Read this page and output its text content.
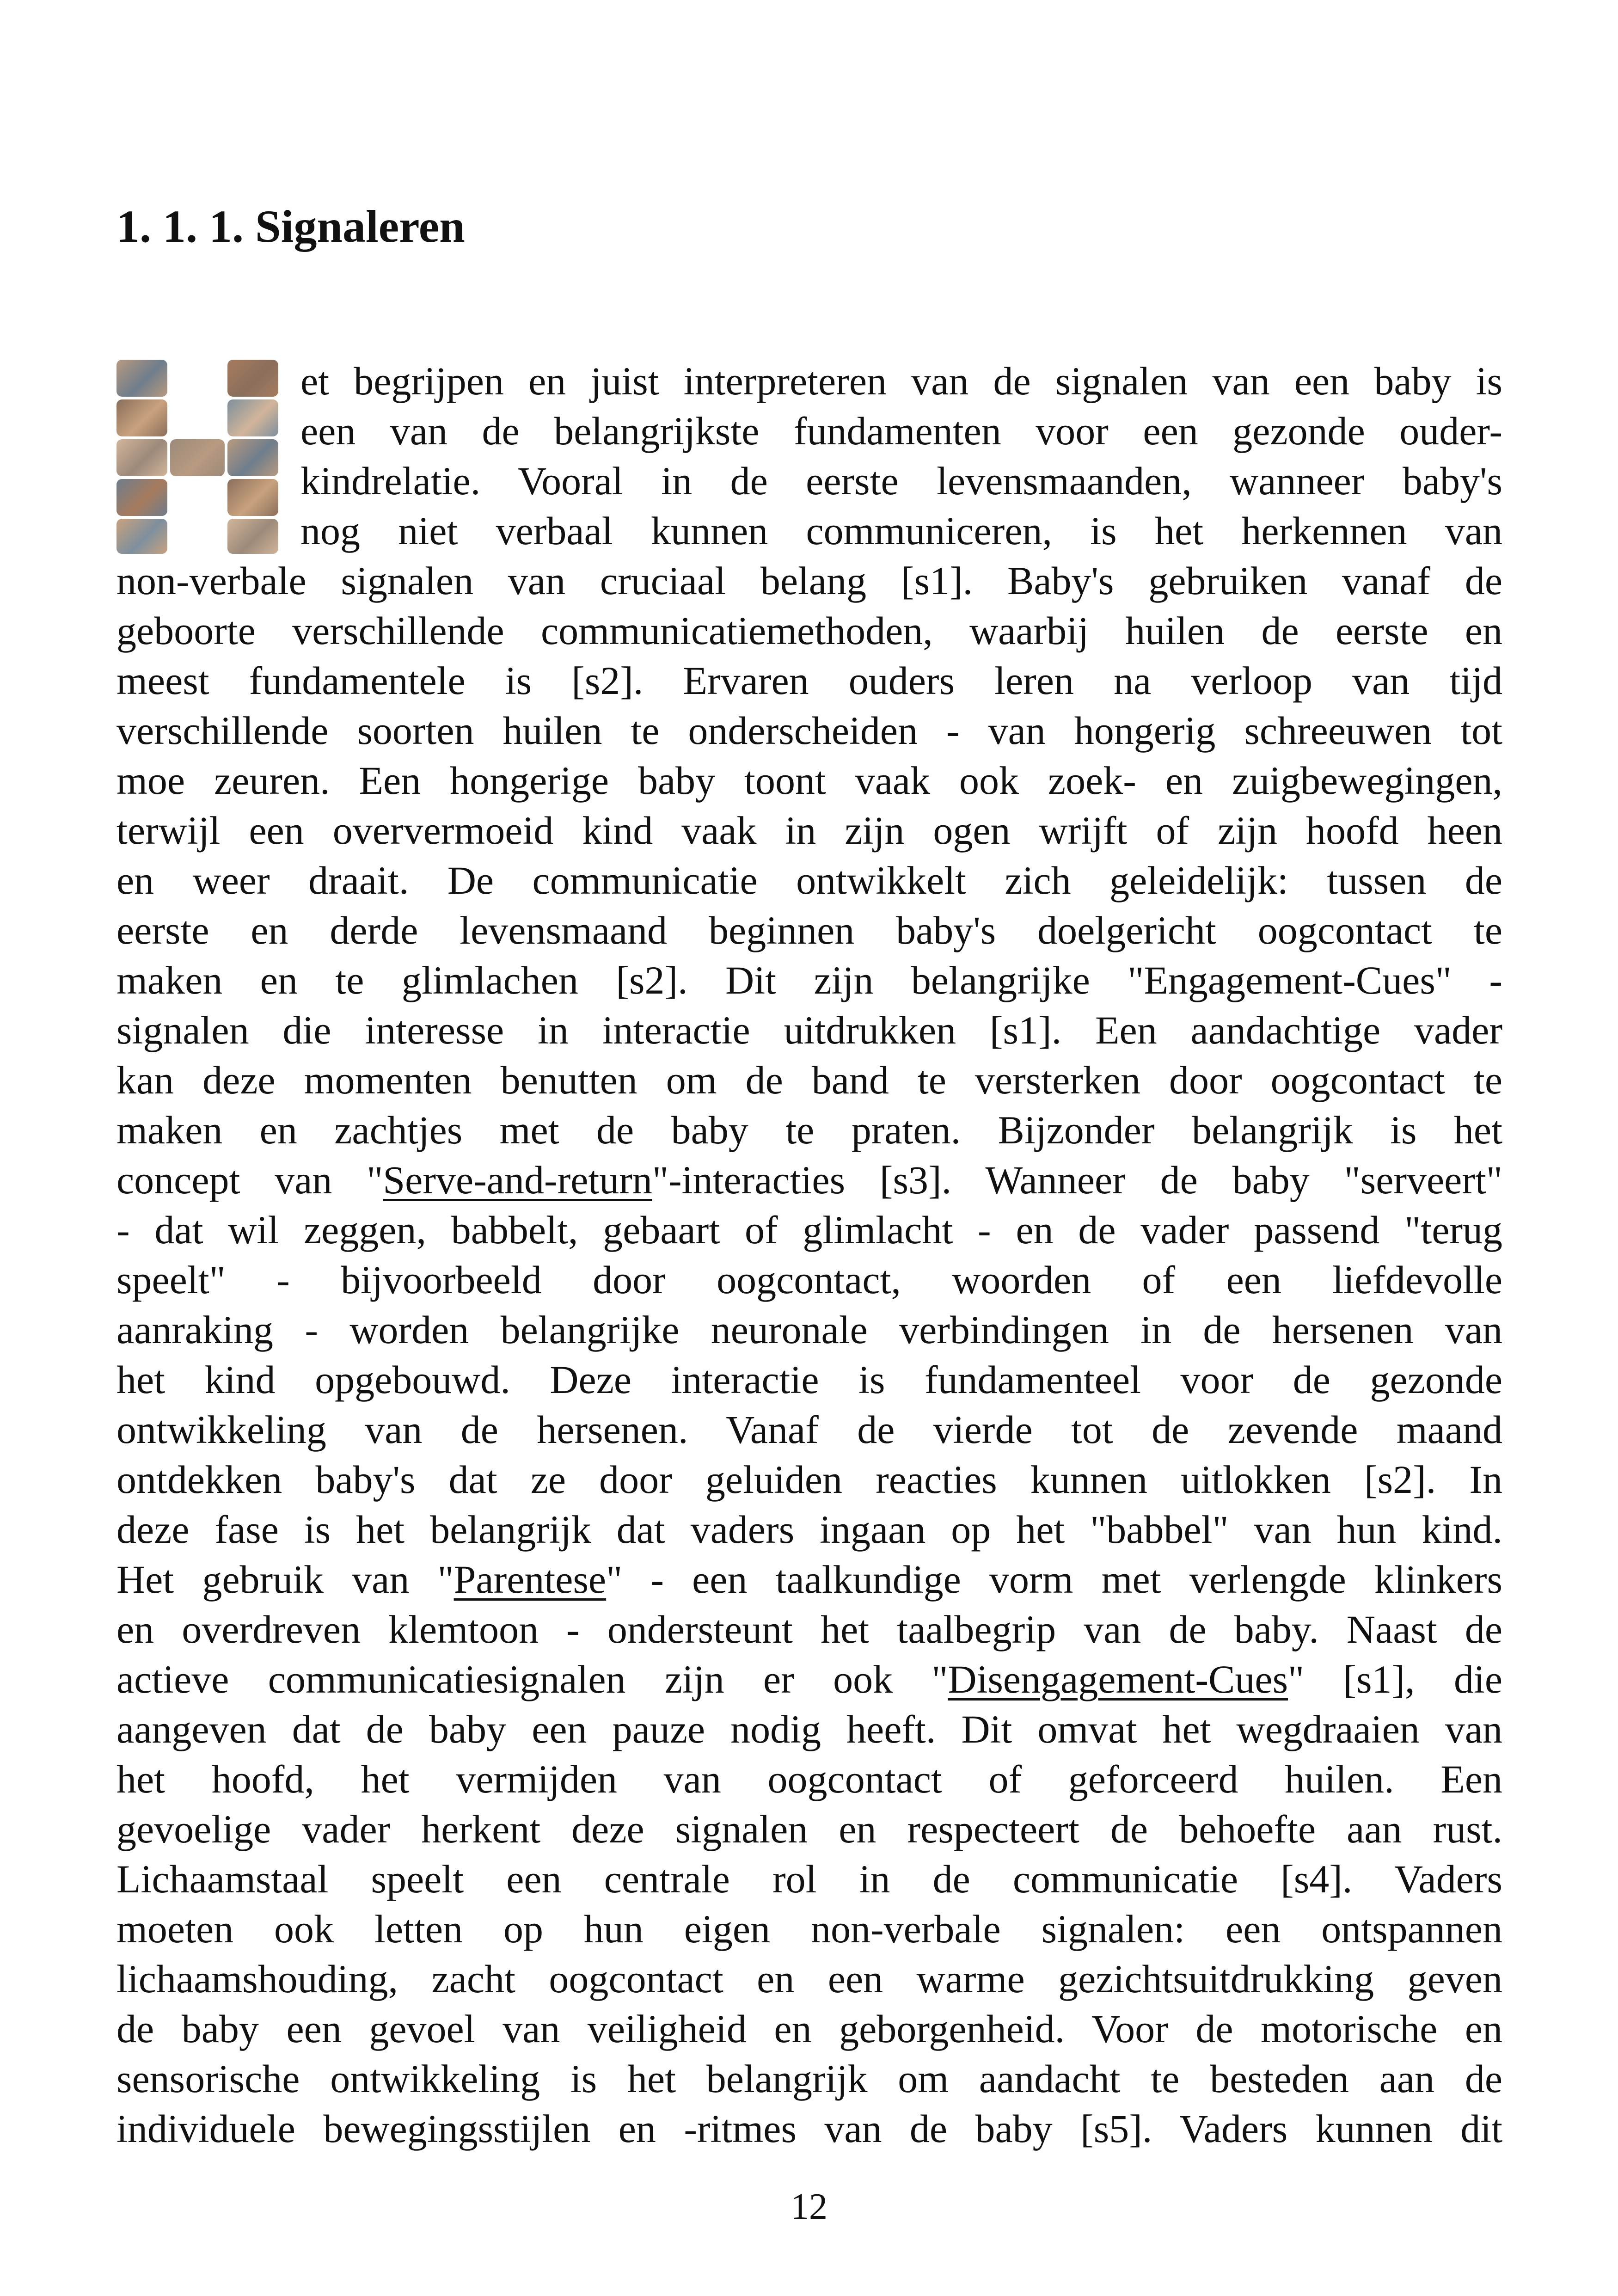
1. 1. 1. Signaleren
et begrijpen en juist interpreteren van de signalen van een baby is
een van de belangrijkste fundamenten voor een gezonde ouder-
kindrelatie. Vooral in de eerste levensmaanden, wanneer baby's
nog niet verbaal kunnen communiceren, is het herkennen van
non-verbale signalen van cruciaal belang [s1]. Baby's gebruiken vanaf de
geboorte verschillende communicatiemethoden, waarbij huilen de eerste en
meest fundamentele is [s2]. Ervaren ouders leren na verloop van tijd
verschillende soorten huilen te onderscheiden - van hongerig schreeuwen tot
moe zeuren. Een hongerige baby toont vaak ook zoek- en zuigbewegingen,
terwijl een oververmoeid kind vaak in zijn ogen wrijft of zijn hoofd heen
en weer draait. De communicatie ontwikkelt zich geleidelijk: tussen de
eerste en derde levensmaand beginnen baby's doelgericht oogcontact te
maken en te glimlachen [s2]. Dit zijn belangrijke "Engagement-Cues" -
signalen die interesse in interactie uitdrukken [s1]. Een aandachtige vader
kan deze momenten benutten om de band te versterken door oogcontact te
maken en zachtjes met de baby te praten. Bijzonder belangrijk is het
concept van "Serve-and-return"-interacties [s3]. Wanneer de baby "serveert"
- dat wil zeggen, babbelt, gebaart of glimlacht - en de vader passend "terug
speelt" - bijvoorbeeld door oogcontact, woorden of een liefdevolle
aanraking - worden belangrijke neuronale verbindingen in de hersenen van
het kind opgebouwd. Deze interactie is fundamenteel voor de gezonde
ontwikkeling van de hersenen. Vanaf de vierde tot de zevende maand
ontdekken baby's dat ze door geluiden reacties kunnen uitlokken [s2]. In
deze fase is het belangrijk dat vaders ingaan op het "babbel" van hun kind.
Het gebruik van "Parentese" - een taalkundige vorm met verlengde klinkers
en overdreven klemtoon - ondersteunt het taalbegrip van de baby. Naast de
actieve communicatiesignalen zijn er ook "Disengagement-Cues" [s1], die
aangeven dat de baby een pauze nodig heeft. Dit omvat het wegdraaien van
het hoofd, het vermijden van oogcontact of geforceerd huilen. Een
gevoelige vader herkent deze signalen en respecteert de behoefte aan rust.
Lichaamstaal speelt een centrale rol in de communicatie [s4]. Vaders
moeten ook letten op hun eigen non-verbale signalen: een ontspannen
lichaamshouding, zacht oogcontact en een warme gezichtsuitdrukking geven
de baby een gevoel van veiligheid en geborgenheid. Voor de motorische en
sensorische ontwikkeling is het belangrijk om aandacht te besteden aan de
individuele bewegingsstijlen en -ritmes van de baby [s5]. Vaders kunnen dit
12
